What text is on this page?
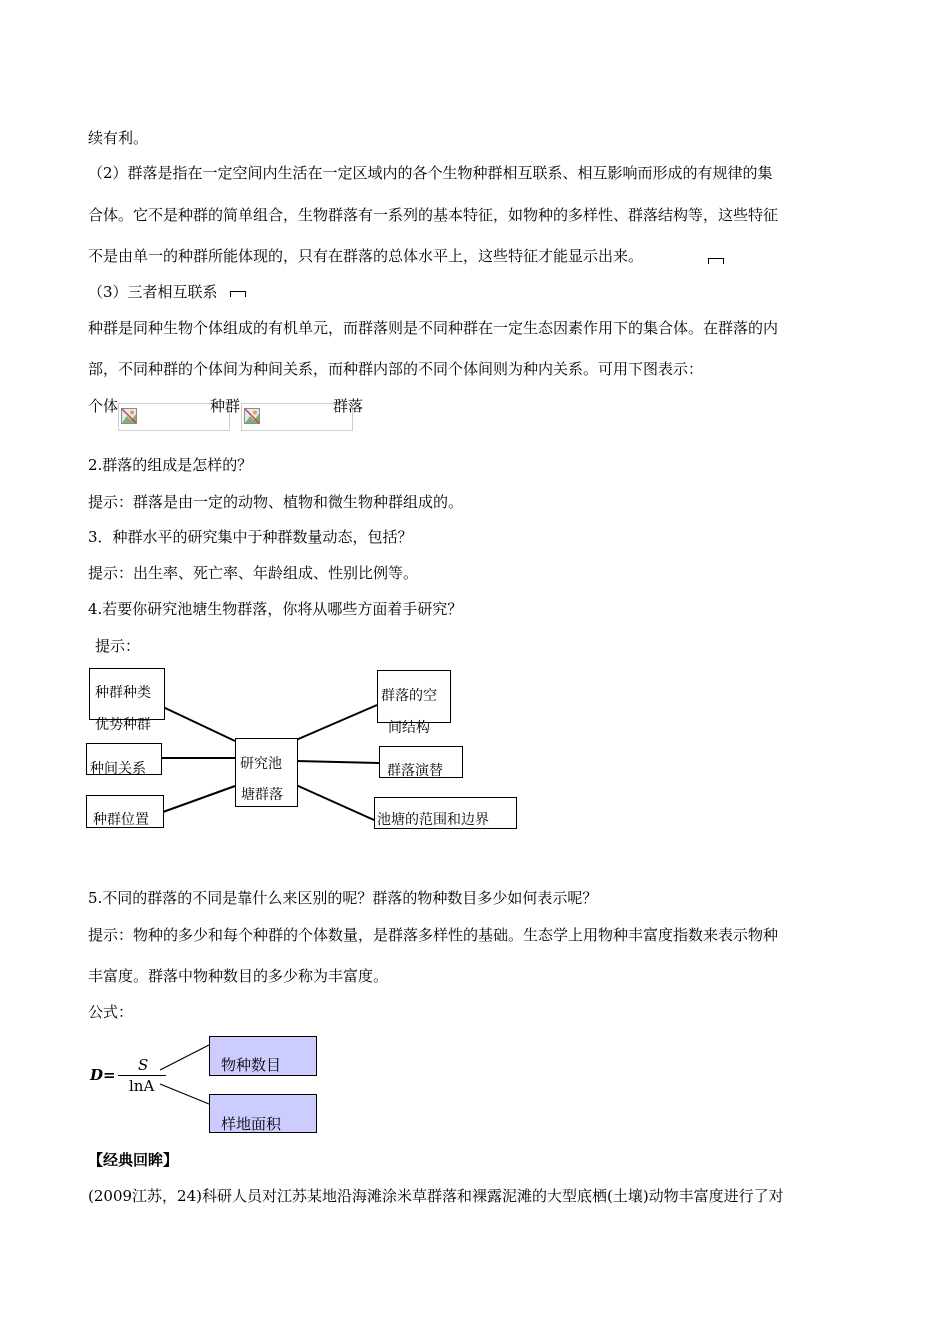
续有利。
（2）群落是指在一定空间内生活在一定区域内的各个生物种群相互联系、相互影响而形成的有规律的集
合体。它不是种群的简单组合，生物群落有一系列的基本特征，如物种的多样性、群落结构等，这些特征
不是由单一的种群所能体现的，只有在群落的总体水平上，这些特征才能显示出来。
（3）三者相互联系
种群是同种生物个体组成的有机单元，而群落则是不同种群在一定生态因素作用下的集合体。在群落的内
部，不同种群的个体间为种间关系，而种群内部的不同个体间则为种内关系。可用下图表示：
个体	种群	群落
2.群落的组成是怎样的？
提示：群落是由一定的动物、植物和微生物种群组成的。
3．种群水平的研究集中于种群数量动态，包括？
提示：出生率、死亡率、年龄组成、性别比例等。
4.若要你研究池塘生物群落，你将从哪些方面着手研究？
提示：
种群种类
优势种群
种间关系
种群位置
研究池
塘群落
群落的空
间结构
群落演替
池塘的范围和边界
5.不同的群落的不同是靠什么来区别的呢？群落的物种数目多少如何表示呢？
提示：物种的多少和每个种群的个体数量，是群落多样性的基础。生态学上用物种丰富度指数来表示物种
丰富度。群落中物种数目的多少称为丰富度。
公式：
D=
S
lnA
物种数目
样地面积
【经典回眸】
(2009江苏，24)科研人员对江苏某地沿海滩涂米草群落和裸露泥滩的大型底栖(土壤)动物丰富度进行了对
